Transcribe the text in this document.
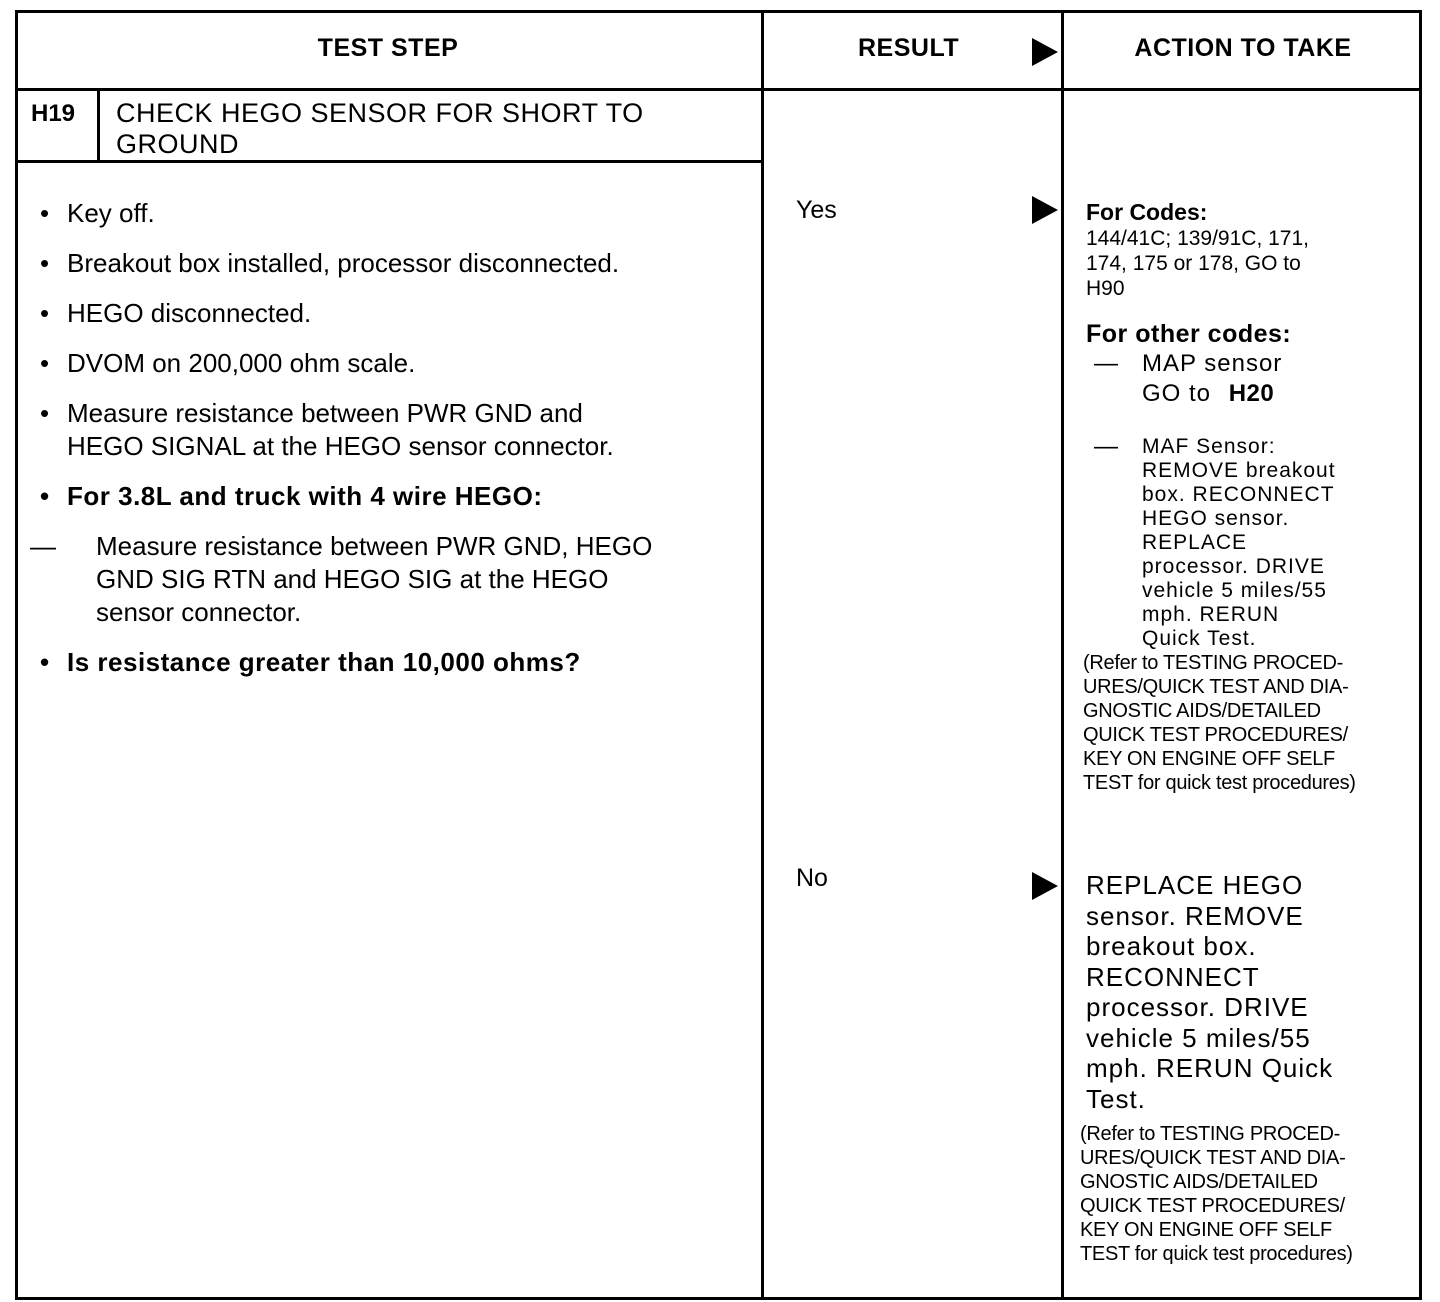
TEST STEP	RESULT	ACTION TO TAKE
H19 CHECK HEGO SENSOR FOR SHORT TO
GROUND
• Key off.
• Breakout box installed, processor disconnected.
• HEGO disconnected.
• DVOM on 200,000 ohm scale.
• Measure resistance between PWR GND and
HEGO SIGNAL at the HEGO sensor connector.
• For 3.8L and truck with 4 wire HEGO:
— Measure resistance between PWR GND, HEGO
GND SIG RTN and HEGO SIG at the HEGO
sensor connector.
• Is resistance greater than 10,000 ohms?
Yes
No
For Codes:
144/41C; 139/91C, 171,
174, 175 or 178, GO to
H90
For other codes:
— MAP sensor
GO to H20
— MAF Sensor:
REMOVE breakout
box. RECONNECT
HEGO sensor.
REPLACE
processor. DRIVE
vehicle 5 miles/55
mph. RERUN
Quick Test.
(Refer to TESTING PROCED-
URES/QUICK TEST AND DIA-
GNOSTIC AIDS/DETAILED
QUICK TEST PROCEDURES/
KEY ON ENGINE OFF SELF
TEST for quick test procedures)
REPLACE HEGO
sensor. REMOVE
breakout box.
RECONNECT
processor. DRIVE
vehicle 5 miles/55
mph. RERUN Quick
Test.
(Refer to TESTING PROCED-
URES/QUICK TEST AND DIA-
GNOSTIC AIDS/DETAILED
QUICK TEST PROCEDURES/
KEY ON ENGINE OFF SELF
TEST for quick test procedures)
